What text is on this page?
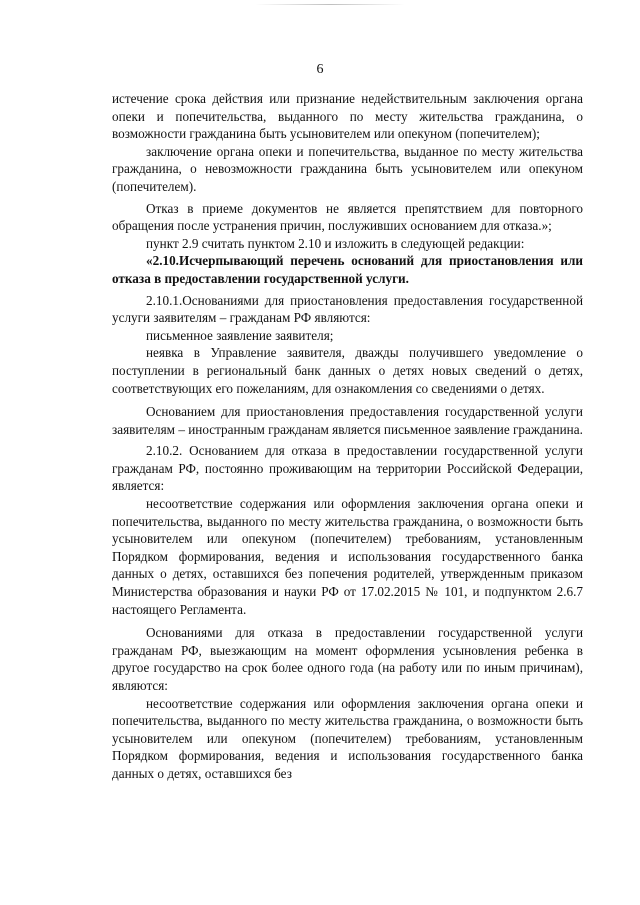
6

истечение срока действия или признание недействительным заключения органа опеки и попечительства, выданного по месту жительства гражданина, о возможности гражданина быть усыновителем или опекуном (попечителем);

заключение органа опеки и попечительства, выданное по месту жительства гражданина, о невозможности гражданина быть усыновителем или опекуном (попечителем).

Отказ в приеме документов не является препятствием для повторного обращения после устранения причин, послуживших основанием для отказа.»;

пункт 2.9 считать пунктом 2.10 и изложить в следующей редакции:

«2.10.Исчерпывающий перечень оснований для приостановления или отказа в предоставлении государственной услуги.

2.10.1.Основаниями для приостановления предоставления государственной услуги заявителям – гражданам РФ являются:

письменное заявление заявителя;

неявка в Управление заявителя, дважды получившего уведомление о поступлении в региональный банк данных о детях новых сведений о детях, соответствующих его пожеланиям, для ознакомления со сведениями о детях.

Основанием для приостановления предоставления государственной услуги заявителям – иностранным гражданам является письменное заявление гражданина.

2.10.2. Основанием для отказа в предоставлении государственной услуги гражданам РФ, постоянно проживающим на территории Российской Федерации, является:

несоответствие содержания или оформления заключения органа опеки и попечительства, выданного по месту жительства гражданина, о возможности быть усыновителем или опекуном (попечителем) требованиям, установленным Порядком формирования, ведения и использования государственного банка данных о детях, оставшихся без попечения родителей, утвержденным приказом Министерства образования и науки РФ от 17.02.2015 № 101, и подпунктом 2.6.7 настоящего Регламента.

Основаниями для отказа в предоставлении государственной услуги гражданам РФ, выезжающим на момент оформления усыновления ребенка в другое государство на срок более одного года (на работу или по иным причинам), являются:

несоответствие содержания или оформления заключения органа опеки и попечительства, выданного по месту жительства гражданина, о возможности быть усыновителем или опекуном (попечителем) требованиям, установленным Порядком формирования, ведения и использования государственного банка данных о детях, оставшихся без
